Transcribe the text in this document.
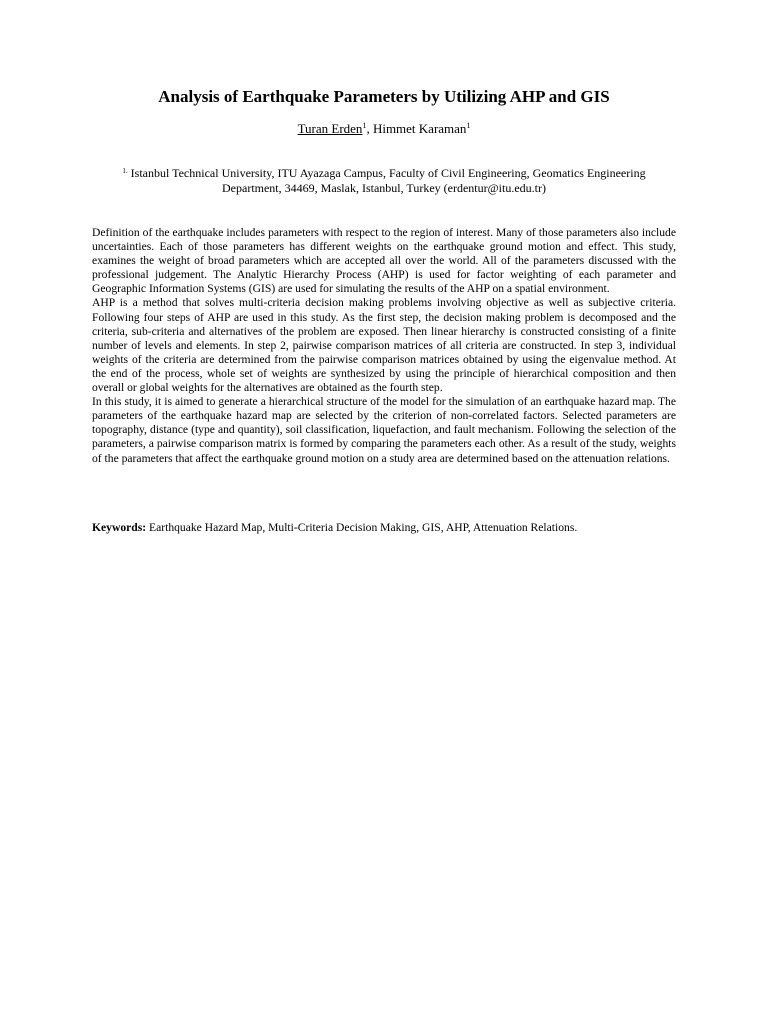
Analysis of Earthquake Parameters by Utilizing AHP and GIS
Turan Erden$^1$, Himmet Karaman$^1$
$^{1.}$ Istanbul Technical University, ITU Ayazaga Campus, Faculty of Civil Engineering, Geomatics Engineering Department, 34469, Maslak, Istanbul, Turkey (erdentur@itu.edu.tr)

Definition of the earthquake includes parameters with respect to the region of interest. Many of those parameters also include uncertainties. Each of those parameters has different weights on the earthquake ground motion and effect. This study, examines the weight of broad parameters which are accepted all over the world. All of the parameters discussed with the professional judgement. The Analytic Hierarchy Process (AHP) is used for factor weighting of each parameter and Geographic Information Systems (GIS) are used for simulating the results of the AHP on a spatial environment.

AHP is a method that solves multi-criteria decision making problems involving objective as well as subjective criteria. Following four steps of AHP are used in this study. As the first step, the decision making problem is decomposed and the criteria, sub-criteria and alternatives of the problem are exposed. Then linear hierarchy is constructed consisting of a finite number of levels and elements. In step 2, pairwise comparison matrices of all criteria are constructed. In step 3, individual weights of the criteria are determined from the pairwise comparison matrices obtained by using the eigenvalue method. At the end of the process, whole set of weights are synthesized by using the principle of hierarchical composition and then overall or global weights for the alternatives are obtained as the fourth step.

In this study, it is aimed to generate a hierarchical structure of the model for the simulation of an earthquake hazard map. The parameters of the earthquake hazard map are selected by the criterion of non-correlated factors. Selected parameters are topography, distance (type and quantity), soil classification, liquefaction, and fault mechanism. Following the selection of the parameters, a pairwise comparison matrix is formed by comparing the parameters each other. As a result of the study, weights of the parameters that affect the earthquake ground motion on a study area are determined based on the attenuation relations.

Keywords: Earthquake Hazard Map, Multi-Criteria Decision Making, GIS, AHP, Attenuation Relations.
